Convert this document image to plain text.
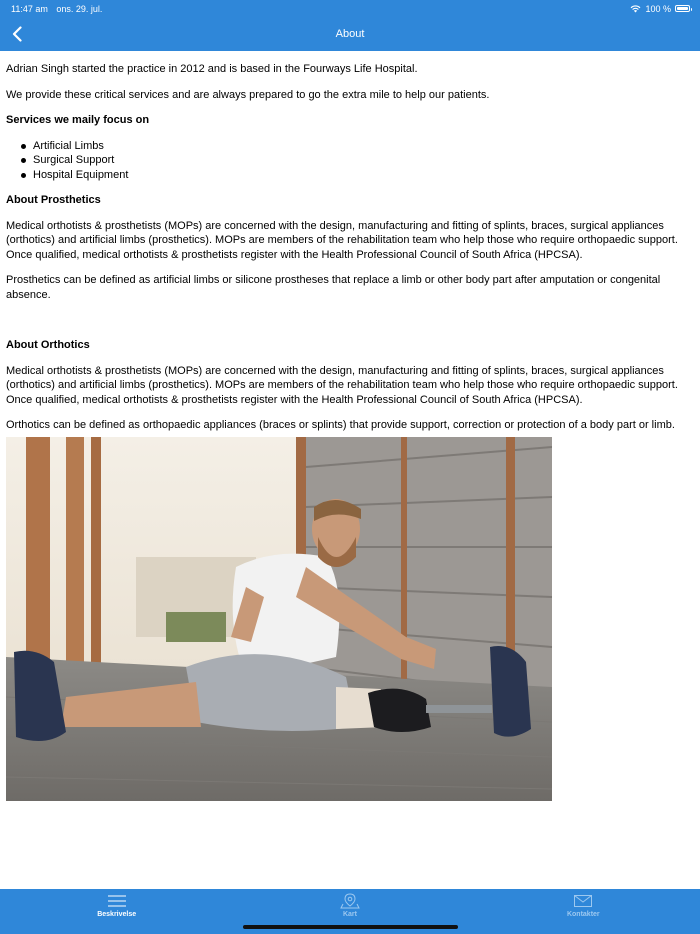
11:47 am ons. 29. jul.	100 %
About

Adrian Singh started the practice in 2012 and is based in the Fourways Life Hospital.

We provide these critical services and are always prepared to go the extra mile to help our patients.

Services we maily focus on
Artificial Limbs
Surgical Support
Hospital Equipment
About Prosthetics

Medical orthotists & prosthetists (MOPs) are concerned with the design, manufacturing and fitting of splints, braces, surgical appliances (orthotics) and artificial limbs (prosthetics). MOPs are members of the rehabilitation team who help those who require orthopaedic support. Once qualified, medical orthotists & prosthetists register with the Health Professional Council of South Africa (HPCSA).

Prosthetics can be defined as artificial limbs or silicone prostheses that replace a limb or other body part after amputation or congenital absence.

About Orthotics

Medical orthotists & prosthetists (MOPs) are concerned with the design, manufacturing and fitting of splints, braces, surgical appliances (orthotics) and artificial limbs (prosthetics). MOPs are members of the rehabilitation team who help those who require orthopaedic support. Once qualified, medical orthotists & prosthetists register with the Health Professional Council of South Africa (HPCSA).

Orthotics can be defined as orthopaedic appliances (braces or splints) that provide support, correction or protection of a body part or limb.

Beskrivelse	Kart	Kontakter
